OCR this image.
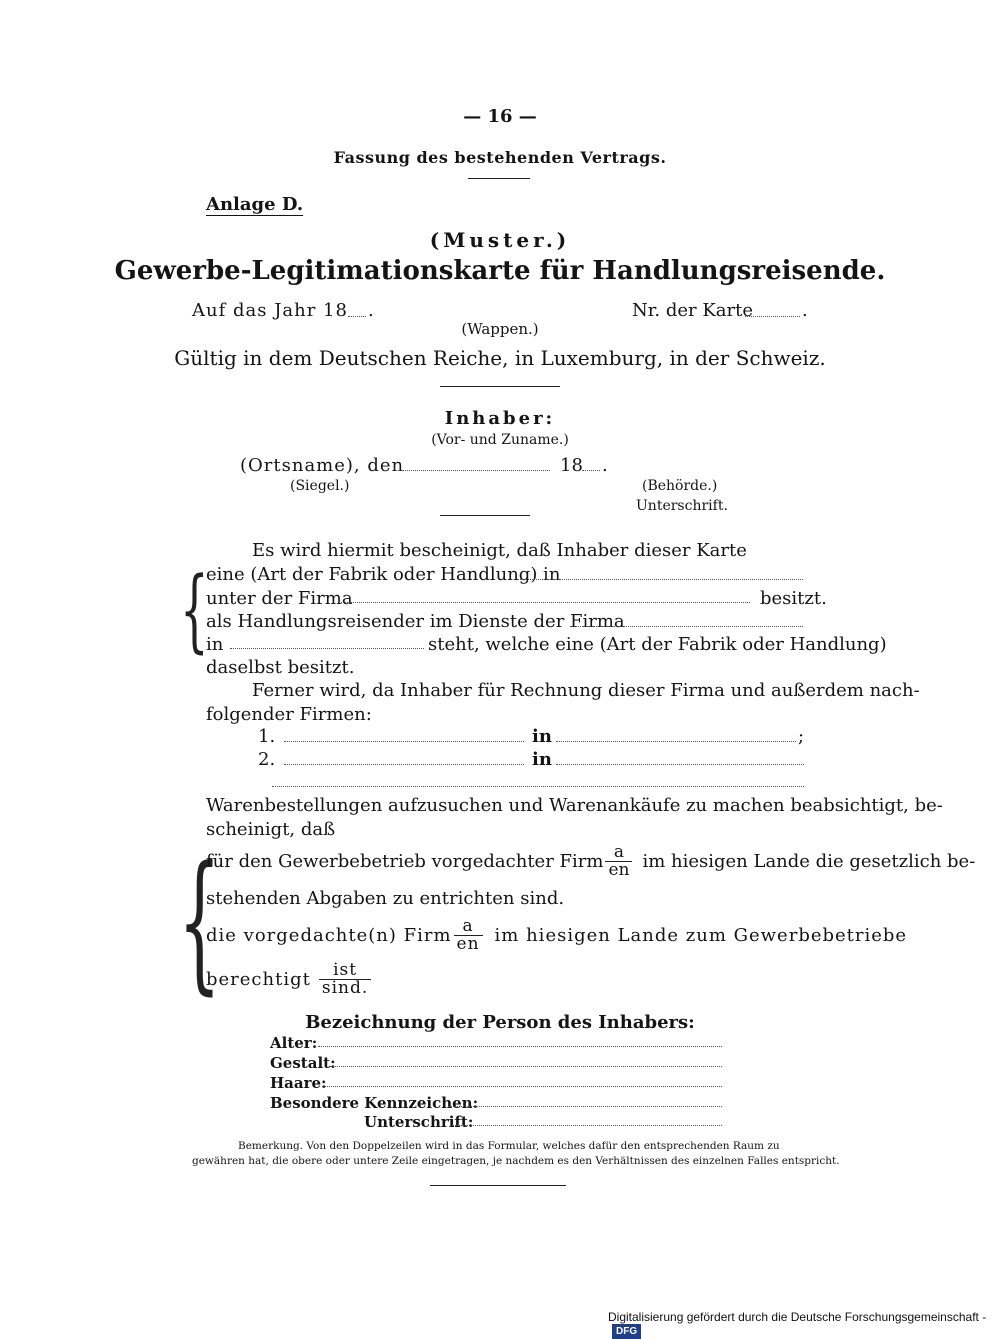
— 16 —
Fassung des bestehenden Vertrags.
Anlage D.
(Muster.)
Gewerbe-Legitimationskarte für Handlungsreisende.
Auf das Jahr 18 .	Nr. der Karte	.
(Wappen.)
Gültig in dem Deutschen Reiche, in Luxemburg, in der Schweiz.
Inhaber:
(Vor- und Zuname.)
(Ortsname), den	18 .
(Siegel.)	(Behörde.)
Unterschrift.
{
Es wird hiermit bescheinigt, daß Inhaber dieser Karte
eine (Art der Fabrik oder Handlung) in
unter der Firma	besitzt.
als Handlungsreisender im Dienste der Firma
in	steht, welche eine (Art der Fabrik oder Handlung)
daselbst besitzt.
Ferner wird, da Inhaber für Rechnung dieser Firma und außerdem nach-
folgender Firmen:
1.	in	;
2.	in
Warenbestellungen aufzusuchen und Warenankäufe zu machen beabsichtigt, be-
scheinigt, daß
{
für den Gewerbebetrieb vorgedachter Firm $\frac{a}{en}$ im hiesigen Lande die gesetzlich be-
stehenden Abgaben zu entrichten sind.
die vorgedachte(n) Firm $\frac{a}{en}$ im hiesigen Lande zum Gewerbebetriebe
berechtigt $\frac{\text{ist}}{\sin d.}$
Bezeichnung der Person des Inhabers:
Alter:
Gestalt:
Haare:
Besondere Kennzeichen:
Unterschrift:
Bemerkung. Von den Doppelzeilen wird in das Formular, welches dafür den entsprechenden Raum zu
gewähren hat, die obere oder untere Zeile eingetragen, je nachdem es den Verhältnissen des einzelnen Falles entspricht.
Digitalisierung gefördert durch die Deutsche Forschungsgemeinschaft -DFG
